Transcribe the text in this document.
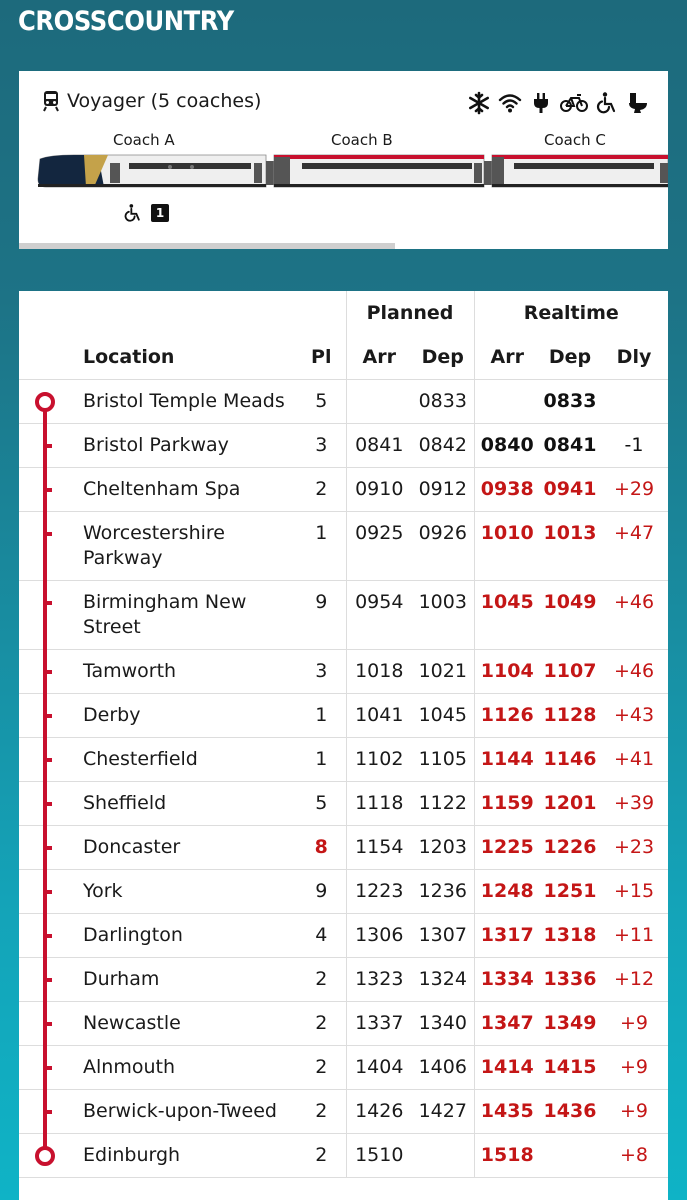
CROSSCOUNTRY
Voyager (5 coaches)
Coach A	Coach B	Coach C
1
			Planned		Realtime		
	Location	Pl	Arr	Dep	Arr	Dep	Dly

	Bristol Temple Meads	5		0833		0833	

	Bristol Parkway	3	0841	0842	0840	0841	-1

	Cheltenham Spa	2	0910	0912	0938	0941	+29

	Worcestershire Parkway	1	0925	0926	1010	1013	+47

	Birmingham New Street	9	0954	1003	1045	1049	+46

	Tamworth	3	1018	1021	1104	1107	+46

	Derby	1	1041	1045	1126	1128	+43

	Chesterfield	1	1102	1105	1144	1146	+41

	Sheffield	5	1118	1122	1159	1201	+39

	Doncaster	8	1154	1203	1225	1226	+23

	York	9	1223	1236	1248	1251	+15

	Darlington	4	1306	1307	1317	1318	+11

	Durham	2	1323	1324	1334	1336	+12

	Newcastle	2	1337	1340	1347	1349	+9

	Alnmouth	2	1404	1406	1414	1415	+9

	Berwick-upon-Tweed	2	1426	1427	1435	1436	+9

	Edinburgh	2	1510		1518		+8
